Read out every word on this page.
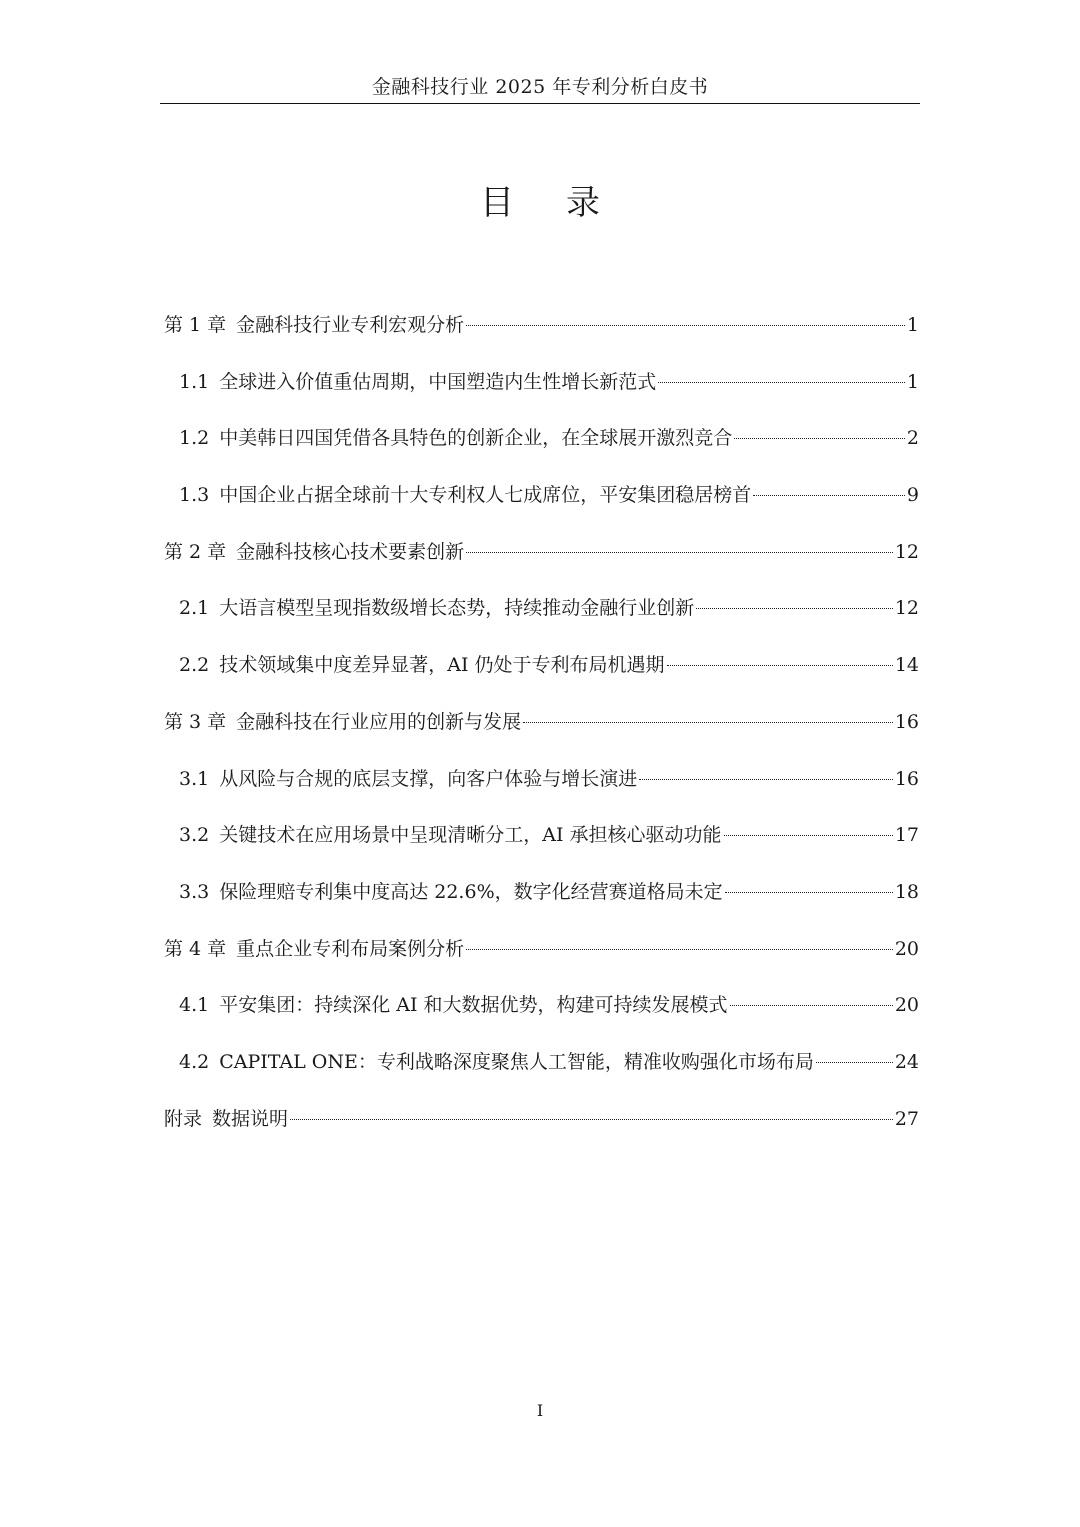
金融科技行业 2025 年专利分析白皮书
目录
第 1 章 金融科技行业专利宏观分析	1
1.1 全球进入价值重估周期，中国塑造内生性增长新范式	1
1.2 中美韩日四国凭借各具特色的创新企业，在全球展开激烈竞合	2
1.3 中国企业占据全球前十大专利权人七成席位，平安集团稳居榜首	9
第 2 章 金融科技核心技术要素创新	12
2.1 大语言模型呈现指数级增长态势，持续推动金融行业创新	12
2.2 技术领域集中度差异显著，AI 仍处于专利布局机遇期	14
第 3 章 金融科技在行业应用的创新与发展	16
3.1 从风险与合规的底层支撑，向客户体验与增长演进	16
3.2 关键技术在应用场景中呈现清晰分工，AI 承担核心驱动功能	17
3.3 保险理赔专利集中度高达 22.6%，数字化经营赛道格局未定	18
第 4 章 重点企业专利布局案例分析	20
4.1 平安集团：持续深化 AI 和大数据优势，构建可持续发展模式	20
4.2 CAPITAL ONE：专利战略深度聚焦人工智能，精准收购强化市场布局	24
附录 数据说明	27
I
